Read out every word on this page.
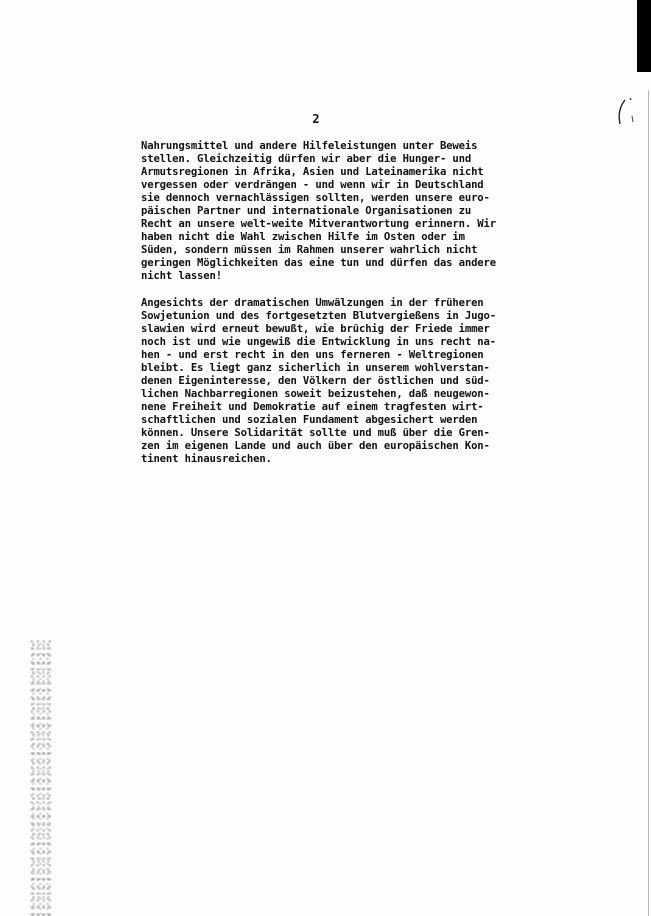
2

Nahrungsmittel und andere Hilfeleistungen unter Beweis
stellen. Gleichzeitig dürfen wir aber die Hunger- und
Armutsregionen in Afrika, Asien und Lateinamerika nicht
vergessen oder verdrängen - und wenn wir in Deutschland
sie dennoch vernachlässigen sollten, werden unsere euro-
päischen Partner und internationale Organisationen zu
Recht an unsere welt-weite Mitverantwortung erinnern. Wir
haben nicht die Wahl zwischen Hilfe im Osten oder im
Süden, sondern müssen im Rahmen unserer wahrlich nicht
geringen Möglichkeiten das eine tun und dürfen das andere
nicht lassen!

Angesichts der dramatischen Umwälzungen in der früheren
Sowjetunion und des fortgesetzten Blutvergießens in Jugo-
slawien wird erneut bewußt, wie brüchig der Friede immer
noch ist und wie ungewiß die Entwicklung in uns recht na-
hen - und erst recht in den uns ferneren - Weltregionen
bleibt. Es liegt ganz sicherlich in unserem wohlverstan-
denen Eigeninteresse, den Völkern der östlichen und süd-
lichen Nachbarregionen soweit beizustehen, daß neugewon-
nene Freiheit und Demokratie auf einem tragfesten wirt-
schaftlichen und sozialen Fundament abgesichert werden
können. Unsere Solidarität sollte und muß über die Gren-
zen im eigenen Lande und auch über den europäischen Kon-
tinent hinausreichen.
